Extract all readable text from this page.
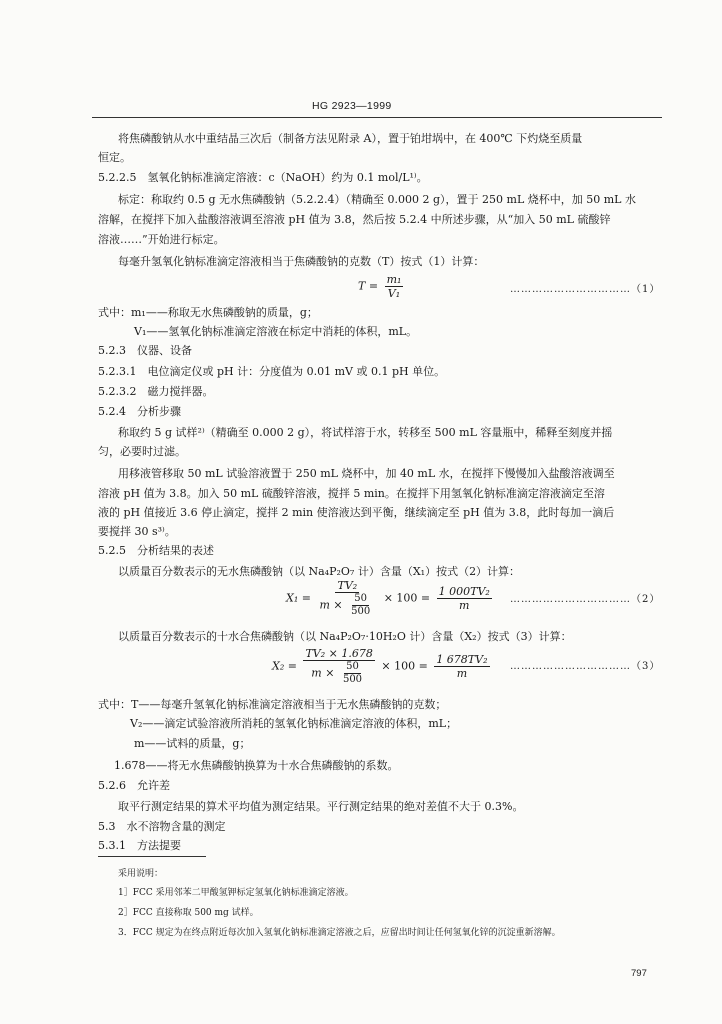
HG 2923—1999
将焦磷酸钠从水中重结晶三次后（制备方法见附录 A），置于铂坩埚中，在 400℃ 下灼烧至质量
恒定。
5.2.2.5　氢氧化钠标准滴定溶液：c（NaOH）约为 0.1 mol/L¹⁾。
标定：称取约 0.5 g 无水焦磷酸钠（5.2.2.4）（精确至 0.000 2 g），置于 250 mL 烧杯中，加 50 mL 水
溶解，在搅拌下加入盐酸溶液调至溶液 pH 值为 3.8，然后按 5.2.4 中所述步骤，从“加入 50 mL 硫酸锌
溶液……”开始进行标定。
每毫升氢氧化钠标准滴定溶液相当于焦磷酸钠的克数（T）按式（1）计算：
$T = \frac{\text{m₁}}{\text{V₁}}$	……………………………（1）
式中：m₁——称取无水焦磷酸钠的质量，g；
V₁——氢氧化钠标准滴定溶液在标定中消耗的体积，mL。
5.2.3　仪器、设备
5.2.3.1　电位滴定仪或 pH 计：分度值为 0.01 mV 或 0.1 pH 单位。
5.2.3.2　磁力搅拌器。
5.2.4　分析步骤
称取约 5 g 试样²⁾（精确至 0.000 2 g），将试样溶于水，转移至 500 mL 容量瓶中，稀释至刻度并摇
匀，必要时过滤。
用移液管移取 50 mL 试验溶液置于 250 mL 烧杯中，加 40 mL 水，在搅拌下慢慢加入盐酸溶液调至
溶液 pH 值为 3.8。加入 50 mL 硫酸锌溶液，搅拌 5 min。在搅拌下用氢氧化钠标准滴定溶液滴定至溶
液的 pH 值接近 3.6 停止滴定，搅拌 2 min 使溶液达到平衡，继续滴定至 pH 值为 3.8，此时每加一滴后
要搅拌 30 s³⁾。
5.2.5　分析结果的表述
以质量百分数表示的无水焦磷酸钠（以 Na₄P₂O₇ 计）含量（X₁）按式（2）计算：
$X_1 = \frac{\text{TV₂}}{m \times \frac{50}{500}} \times 100 = \frac{\text{1 000TV₂}}{m}$ ……………………………（2）
以质量百分数表示的十水合焦磷酸钠（以 Na₄P₂O₇·10H₂O 计）含量（X₂）按式（3）计算：
$X_2 = \frac{\text{TV₂ × 1.678}}{m \times \frac{50}{500}} \times 100 = \frac{\text{1 678TV₂}}{m}$ ……………………………（3）
式中：T——每毫升氢氧化钠标准滴定溶液相当于无水焦磷酸钠的克数；
V₂——滴定试验溶液所消耗的氢氧化钠标准滴定溶液的体积，mL；
m——试料的质量，g；
1.678——将无水焦磷酸钠换算为十水合焦磷酸钠的系数。
5.2.6　允许差
取平行测定结果的算术平均值为测定结果。平行测定结果的绝对差值不大于 0.3%。
5.3　水不溶物含量的测定
5.3.1　方法提要
采用说明：
1］FCC 采用邻苯二甲酸氢钾标定氢氧化钠标准滴定溶液。
2］FCC 直接称取 500 mg 试样。
3．FCC 规定为在终点附近每次加入氢氧化钠标准滴定溶液之后，应留出时间让任何氢氧化锌的沉淀重新溶解。
797
